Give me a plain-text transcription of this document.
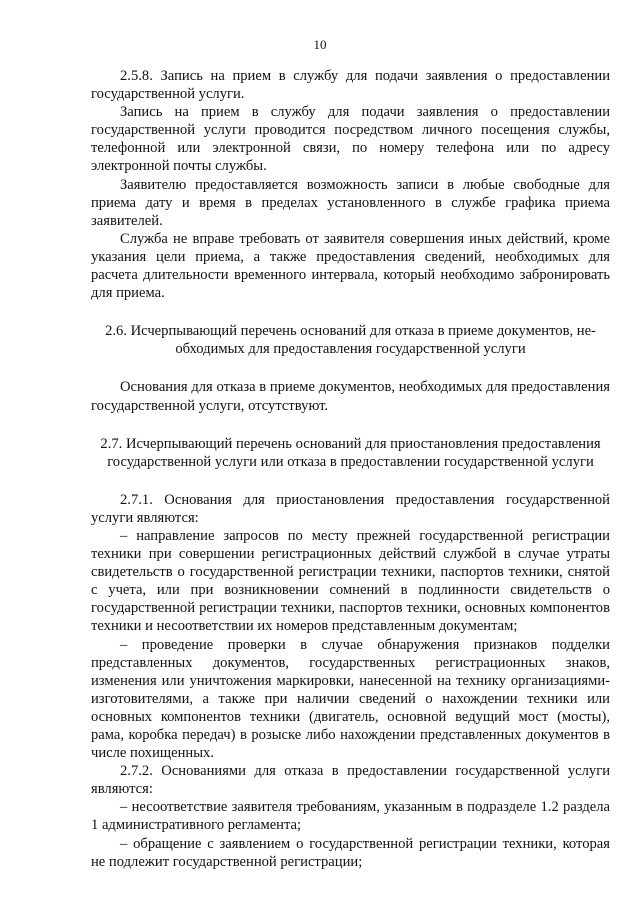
10

2.5.8. Запись на прием в службу для подачи заявления о предоставлении государственной услуги.

Запись на прием в службу для подачи заявления о предоставлении государственной услуги проводится посредством личного посещения службы, телефонной или электронной связи, по номеру телефона или по адресу электронной почты службы.

Заявителю предоставляется возможность записи в любые свободные для приема дату и время в пределах установленного в службе графика приема заявителей.

Служба не вправе требовать от заявителя совершения иных действий, кроме указания цели приема, а также предоставления сведений, необходимых для расчета длительности временного интервала, который необходимо забронировать для приема.

2.6. Исчерпывающий перечень оснований для отказа в приеме документов, не-
обходимых для предоставления государственной услуги

Основания для отказа в приеме документов, необходимых для предоставления государственной услуги, отсутствуют.

2.7. Исчерпывающий перечень оснований для приостановления предоставления
государственной услуги или отказа в предоставлении государственной услуги

2.7.1. Основания для приостановления предоставления государственной услуги являются:

– направление запросов по месту прежней государственной регистрации техники при совершении регистрационных действий службой в случае утраты свидетельств о государственной регистрации техники, паспортов техники, снятой с учета, или при возникновении сомнений в подлинности свидетельств о государственной регистрации техники, паспортов техники, основных компонентов техники и несоответствии их номеров представленным документам;

– проведение проверки в случае обнаружения признаков подделки представленных документов, государственных регистрационных знаков, изменения или уничтожения маркировки, нанесенной на технику организациями-изготовителями, а также при наличии сведений о нахождении техники или основных компонентов техники (двигатель, основной ведущий мост (мосты), рама, коробка передач) в розыске либо нахождении представленных документов в числе похищенных.

2.7.2. Основаниями для отказа в предоставлении государственной услуги являются:

– несоответствие заявителя требованиям, указанным в подразделе 1.2 раздела 1 административного регламента;

– обращение с заявлением о государственной регистрации техники, которая не подлежит государственной регистрации;
